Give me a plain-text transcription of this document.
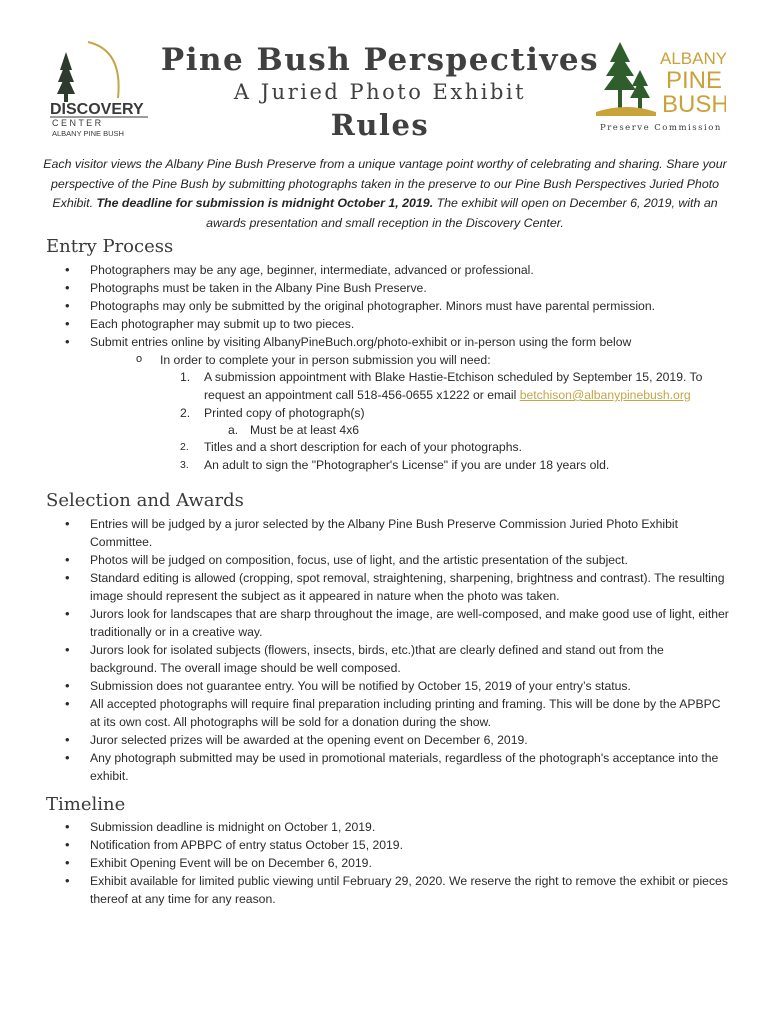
DISCOVERY
C E N T E R
ALBANY PINE BUSH
Pine Bush Perspectives
A Juried Photo Exhibit
Rules
ALBANY
PINE
BUSH
Preserve Commission
Each visitor views the Albany Pine Bush Preserve from a unique vantage point worthy of celebrating and sharing. Share your perspective of the Pine Bush by submitting photographs taken in the preserve to our Pine Bush Perspectives Juried Photo Exhibit. The deadline for submission is midnight October 1, 2019. The exhibit will open on December 6, 2019, with an awards presentation and small reception in the Discovery Center.
Entry Process
• Photographers may be any age, beginner, intermediate, advanced or professional.
• Photographs must be taken in the Albany Pine Bush Preserve.
• Photographs may only be submitted by the original photographer. Minors must have parental permission.
• Each photographer may submit up to two pieces.
• Submit entries online by visiting AlbanyPineBuch.org/photo-exhibit or in-person using the form below
o In order to complete your in person submission you will need:
1. A submission appointment with Blake Hastie-Etchison scheduled by September 15, 2019. To request an appointment call 518-456-0655 x1222 or email betchison@albanypinebush.org
2. Printed copy of photograph(s)
a. Must be at least 4x6
2. Titles and a short description for each of your photographs.
3. An adult to sign the "Photographer's License" if you are under 18 years old.
Selection and Awards
• Entries will be judged by a juror selected by the Albany Pine Bush Preserve Commission Juried Photo Exhibit Committee.
• Photos will be judged on composition, focus, use of light, and the artistic presentation of the subject.
• Standard editing is allowed (cropping, spot removal, straightening, sharpening, brightness and contrast). The resulting image should represent the subject as it appeared in nature when the photo was taken.
• Jurors look for landscapes that are sharp throughout the image, are well-composed, and make good use of light, either traditionally or in a creative way.
• Jurors look for isolated subjects (flowers, insects, birds, etc.)that are clearly defined and stand out from the background. The overall image should be well composed.
• Submission does not guarantee entry. You will be notified by October 15, 2019 of your entry’s status.
• All accepted photographs will require final preparation including printing and framing. This will be done by the APBPC at its own cost. All photographs will be sold for a donation during the show.
• Juror selected prizes will be awarded at the opening event on December 6, 2019.
• Any photograph submitted may be used in promotional materials, regardless of the photograph's acceptance into the exhibit.
Timeline
• Submission deadline is midnight on October 1, 2019.
• Notification from APBPC of entry status October 15, 2019.
• Exhibit Opening Event will be on December 6, 2019.
• Exhibit available for limited public viewing until February 29, 2020. We reserve the right to remove the exhibit or pieces thereof at any time for any reason.
